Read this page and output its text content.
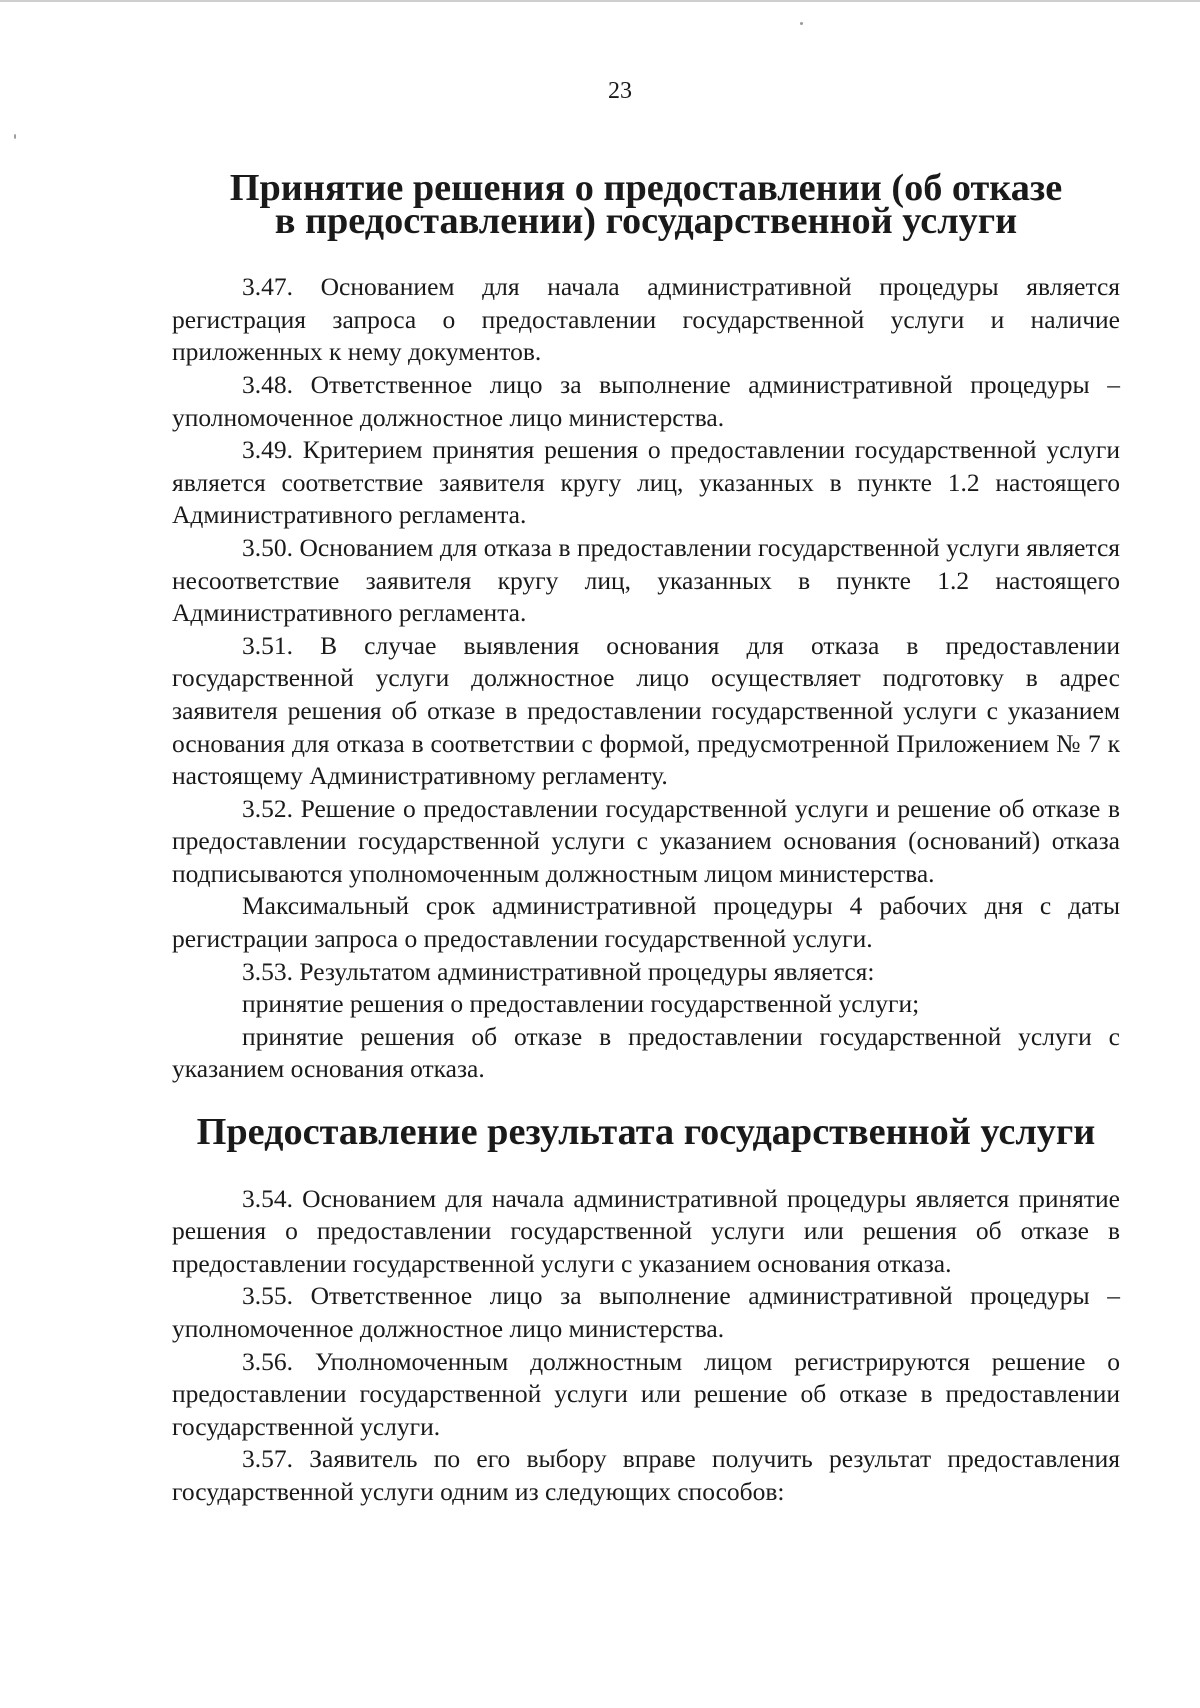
23
Принятие решения о предоставлении (об отказе
в предоставлении) государственной услуги

3.47. Основанием для начала административной процедуры является регистрация запроса о предоставлении государственной услуги и наличие приложенных к нему документов.

3.48. Ответственное лицо за выполнение административной процедуры – уполномоченное должностное лицо министерства.

3.49. Критерием принятия решения о предоставлении государственной услуги является соответствие заявителя кругу лиц, указанных в пункте 1.2 настоящего Административного регламента.

3.50. Основанием для отказа в предоставлении государственной услуги является несоответствие заявителя кругу лиц, указанных в пункте 1.2 настоящего Административного регламента.

3.51. В случае выявления основания для отказа в предоставлении государственной услуги должностное лицо осуществляет подготовку в адрес заявителя решения об отказе в предоставлении государственной услуги с указанием основания для отказа в соответствии с формой, предусмотренной Приложением № 7 к настоящему Административному регламенту.

3.52. Решение о предоставлении государственной услуги и решение об отказе в предоставлении государственной услуги с указанием основания (оснований) отказа подписываются уполномоченным должностным лицом министерства.

Максимальный срок административной процедуры 4 рабочих дня с даты регистрации запроса о предоставлении государственной услуги.

3.53. Результатом административной процедуры является:

принятие решения о предоставлении государственной услуги;

принятие решения об отказе в предоставлении государственной услуги с указанием основания отказа.

Предоставление результата государственной услуги

3.54. Основанием для начала административной процедуры является принятие решения о предоставлении государственной услуги или решения об отказе в предоставлении государственной услуги с указанием основания отказа.

3.55. Ответственное лицо за выполнение административной процедуры – уполномоченное должностное лицо министерства.

3.56. Уполномоченным должностным лицом регистрируются решение о предоставлении государственной услуги или решение об отказе в предоставлении государственной услуги.

3.57. Заявитель по его выбору вправе получить результат предоставления государственной услуги одним из следующих способов:
